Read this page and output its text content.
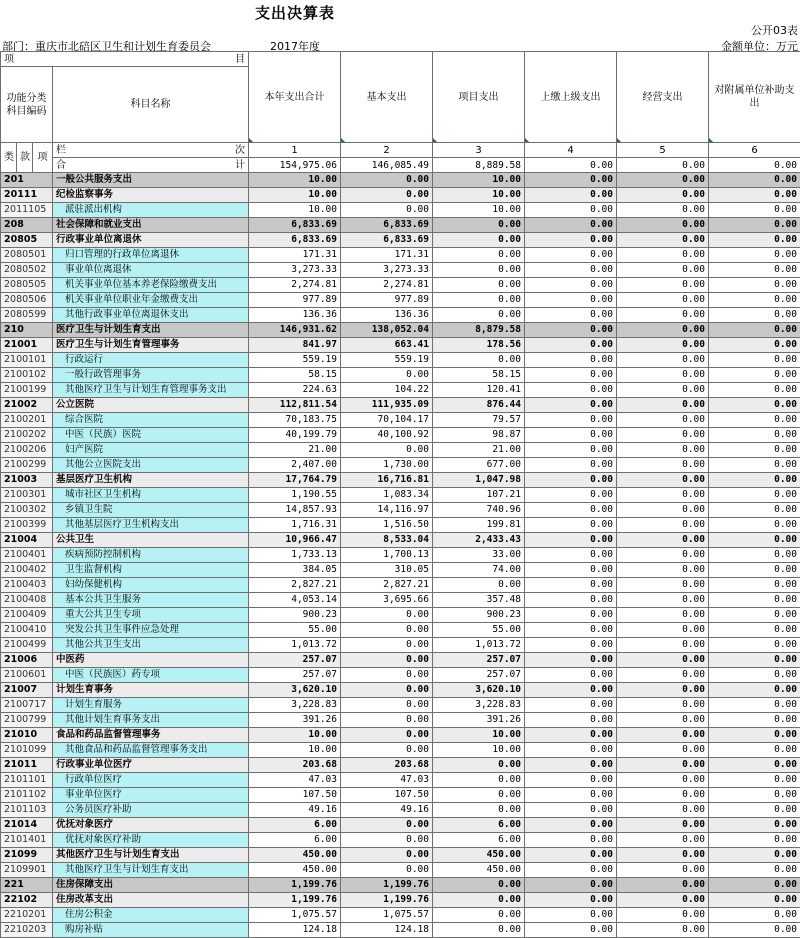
支出决算表
公开03表
部门：重庆市北碚区卫生和计划生育委员会	2017年度	金额单位：万元
项 目				本年支出合计	基本支出	项目支出	上缴上级支出	经营支出	对附属单位补助支出
功能分类科目编码			科目名称						
类	款	项	栏 次	1	2	3	4	5	6
			合 计	154,975.06	146,085.49	8,889.58	0.00	0.00	0.00
201			一般公共服务支出	10.00	0.00	10.00	0.00	0.00	0.00
20111			纪检监察事务	10.00	0.00	10.00	0.00	0.00	0.00
2011105			派驻派出机构	10.00	0.00	10.00	0.00	0.00	0.00
208			社会保障和就业支出	6,833.69	6,833.69	0.00	0.00	0.00	0.00
20805			行政事业单位离退休	6,833.69	6,833.69	0.00	0.00	0.00	0.00
2080501			归口管理的行政单位离退休	171.31	171.31	0.00	0.00	0.00	0.00
2080502			事业单位离退休	3,273.33	3,273.33	0.00	0.00	0.00	0.00
2080505			机关事业单位基本养老保险缴费支出	2,274.81	2,274.81	0.00	0.00	0.00	0.00
2080506			机关事业单位职业年金缴费支出	977.89	977.89	0.00	0.00	0.00	0.00
2080599			其他行政事业单位离退休支出	136.36	136.36	0.00	0.00	0.00	0.00
210			医疗卫生与计划生育支出	146,931.62	138,052.04	8,879.58	0.00	0.00	0.00
21001			医疗卫生与计划生育管理事务	841.97	663.41	178.56	0.00	0.00	0.00
2100101			行政运行	559.19	559.19	0.00	0.00	0.00	0.00
2100102			一般行政管理事务	58.15	0.00	58.15	0.00	0.00	0.00
2100199			其他医疗卫生与计划生育管理事务支出	224.63	104.22	120.41	0.00	0.00	0.00
21002			公立医院	112,811.54	111,935.09	876.44	0.00	0.00	0.00
2100201			综合医院	70,183.75	70,104.17	79.57	0.00	0.00	0.00
2100202			中医（民族）医院	40,199.79	40,100.92	98.87	0.00	0.00	0.00
2100206			妇产医院	21.00	0.00	21.00	0.00	0.00	0.00
2100299			其他公立医院支出	2,407.00	1,730.00	677.00	0.00	0.00	0.00
21003			基层医疗卫生机构	17,764.79	16,716.81	1,047.98	0.00	0.00	0.00
2100301			城市社区卫生机构	1,190.55	1,083.34	107.21	0.00	0.00	0.00
2100302			乡镇卫生院	14,857.93	14,116.97	740.96	0.00	0.00	0.00
2100399			其他基层医疗卫生机构支出	1,716.31	1,516.50	199.81	0.00	0.00	0.00
21004			公共卫生	10,966.47	8,533.04	2,433.43	0.00	0.00	0.00
2100401			疾病预防控制机构	1,733.13	1,700.13	33.00	0.00	0.00	0.00
2100402			卫生监督机构	384.05	310.05	74.00	0.00	0.00	0.00
2100403			妇幼保健机构	2,827.21	2,827.21	0.00	0.00	0.00	0.00
2100408			基本公共卫生服务	4,053.14	3,695.66	357.48	0.00	0.00	0.00
2100409			重大公共卫生专项	900.23	0.00	900.23	0.00	0.00	0.00
2100410			突发公共卫生事件应急处理	55.00	0.00	55.00	0.00	0.00	0.00
2100499			其他公共卫生支出	1,013.72	0.00	1,013.72	0.00	0.00	0.00
21006			中医药	257.07	0.00	257.07	0.00	0.00	0.00
2100601			中医（民族医）药专项	257.07	0.00	257.07	0.00	0.00	0.00
21007			计划生育事务	3,620.10	0.00	3,620.10	0.00	0.00	0.00
2100717			计划生育服务	3,228.83	0.00	3,228.83	0.00	0.00	0.00
2100799			其他计划生育事务支出	391.26	0.00	391.26	0.00	0.00	0.00
21010			食品和药品监督管理事务	10.00	0.00	10.00	0.00	0.00	0.00
2101099			其他食品和药品监督管理事务支出	10.00	0.00	10.00	0.00	0.00	0.00
21011			行政事业单位医疗	203.68	203.68	0.00	0.00	0.00	0.00
2101101			行政单位医疗	47.03	47.03	0.00	0.00	0.00	0.00
2101102			事业单位医疗	107.50	107.50	0.00	0.00	0.00	0.00
2101103			公务员医疗补助	49.16	49.16	0.00	0.00	0.00	0.00
21014			优抚对象医疗	6.00	0.00	6.00	0.00	0.00	0.00
2101401			优抚对象医疗补助	6.00	0.00	6.00	0.00	0.00	0.00
21099			其他医疗卫生与计划生育支出	450.00	0.00	450.00	0.00	0.00	0.00
2109901			其他医疗卫生与计划生育支出	450.00	0.00	450.00	0.00	0.00	0.00
221			住房保障支出	1,199.76	1,199.76	0.00	0.00	0.00	0.00
22102			住房改革支出	1,199.76	1,199.76	0.00	0.00	0.00	0.00
2210201			住房公积金	1,075.57	1,075.57	0.00	0.00	0.00	0.00
2210203			购房补贴	124.18	124.18	0.00	0.00	0.00	0.00
